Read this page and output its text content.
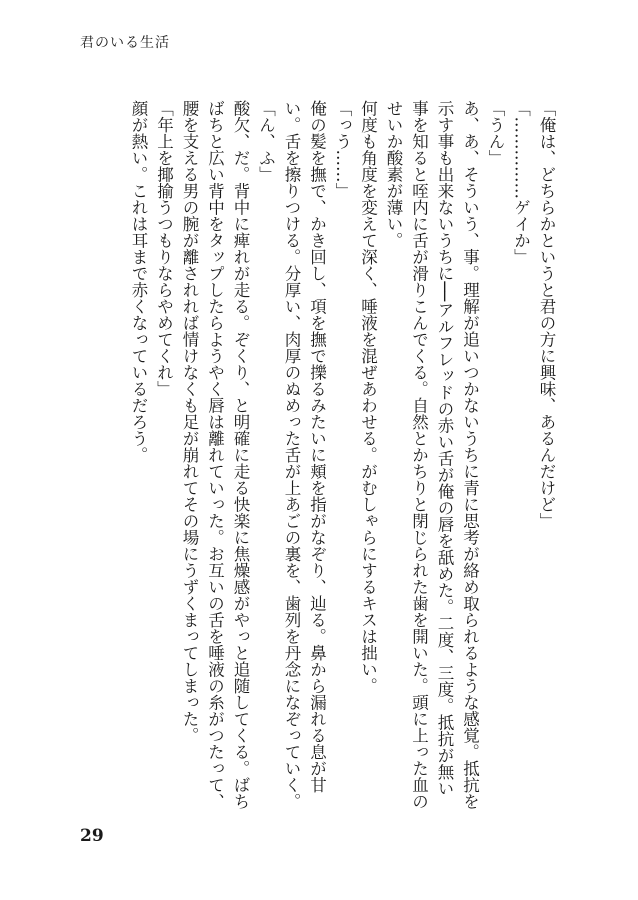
君のいる生活

「俺は、どちらかというと君の方に興味、あるんだけど」

「……………ゲイか」

「うん」

あ、あ、そういう、事。理解が追いつかないうちに青に思考が絡め取られるような感覚。抵抗を示す事も出来ないうちに──アルフレッドの赤い舌が俺の唇を舐めた。二度、三度。抵抗が無い事を知ると咥内に舌が滑りこんでくる。自然とかちりと閉じられた歯を開いた。頭に上った血のせいか酸素が薄い。

何度も角度を変えて深く、唾液を混ぜあわせる。がむしゃらにするキスは拙い。

「っう……」

俺の髪を撫で、かき回し、項を撫で擽るみたいに頬を指がなぞり、辿る。鼻から漏れる息が甘い。舌を擦りつける。分厚い、肉厚のぬめった舌が上あごの裏を、歯列を丹念になぞっていく。

「ん、ふ」

酸欠、だ。背中に痺れが走る。ぞくり、と明確に走る快楽に焦燥感がやっと追随してくる。ばちばちと広い背中をタップしたらようやく唇は離れていった。お互いの舌を唾液の糸がつたって、腰を支える男の腕が離されれば情けなくも足が崩れてその場にうずくまってしまった。

「年上を揶揄うつもりならやめてくれ」

顔が熱い。これは耳まで赤くなっているだろう。

29
